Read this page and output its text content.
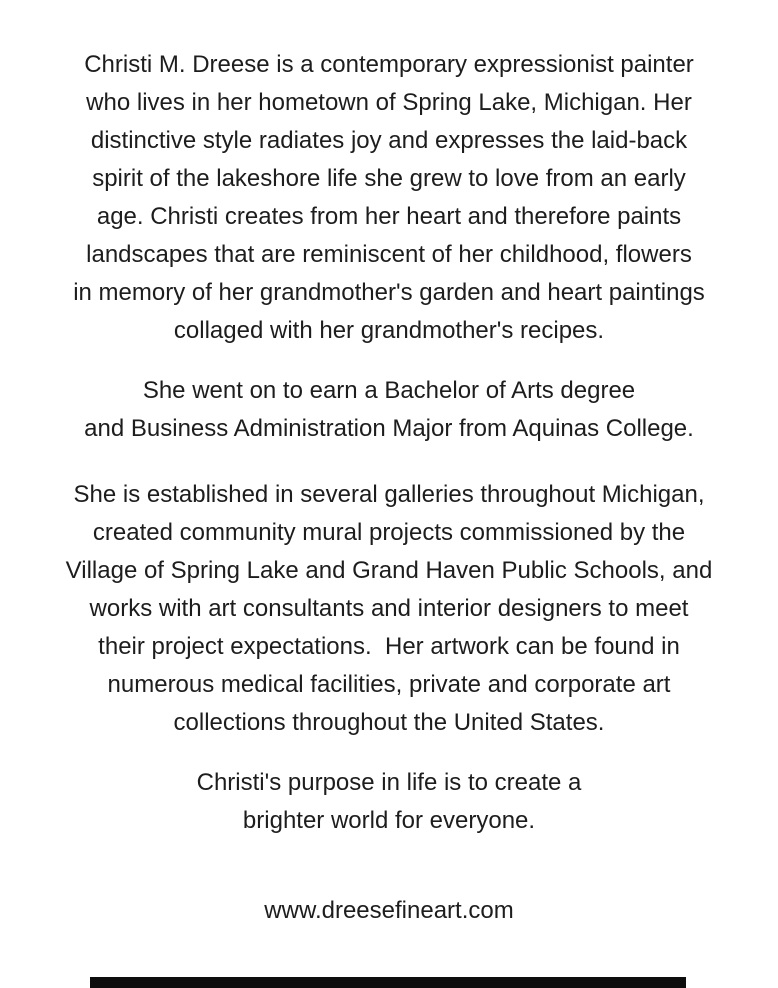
Christi M. Dreese is a contemporary expressionist painter
who lives in her hometown of Spring Lake, Michigan. Her
distinctive style radiates joy and expresses the laid-back
spirit of the lakeshore life she grew to love from an early
age. Christi creates from her heart and therefore paints
landscapes that are reminiscent of her childhood, flowers
in memory of her grandmother's garden and heart paintings
collaged with her grandmother's recipes.
She went on to earn a Bachelor of Arts degree
and Business Administration Major from Aquinas College.
She is established in several galleries throughout Michigan,
created community mural projects commissioned by the
Village of Spring Lake and Grand Haven Public Schools, and
works with art consultants and interior designers to meet
their project expectations.  Her artwork can be found in
numerous medical facilities, private and corporate art
collections throughout the United States.
Christi's purpose in life is to create a
brighter world for everyone.
www.dreesefineart.com
